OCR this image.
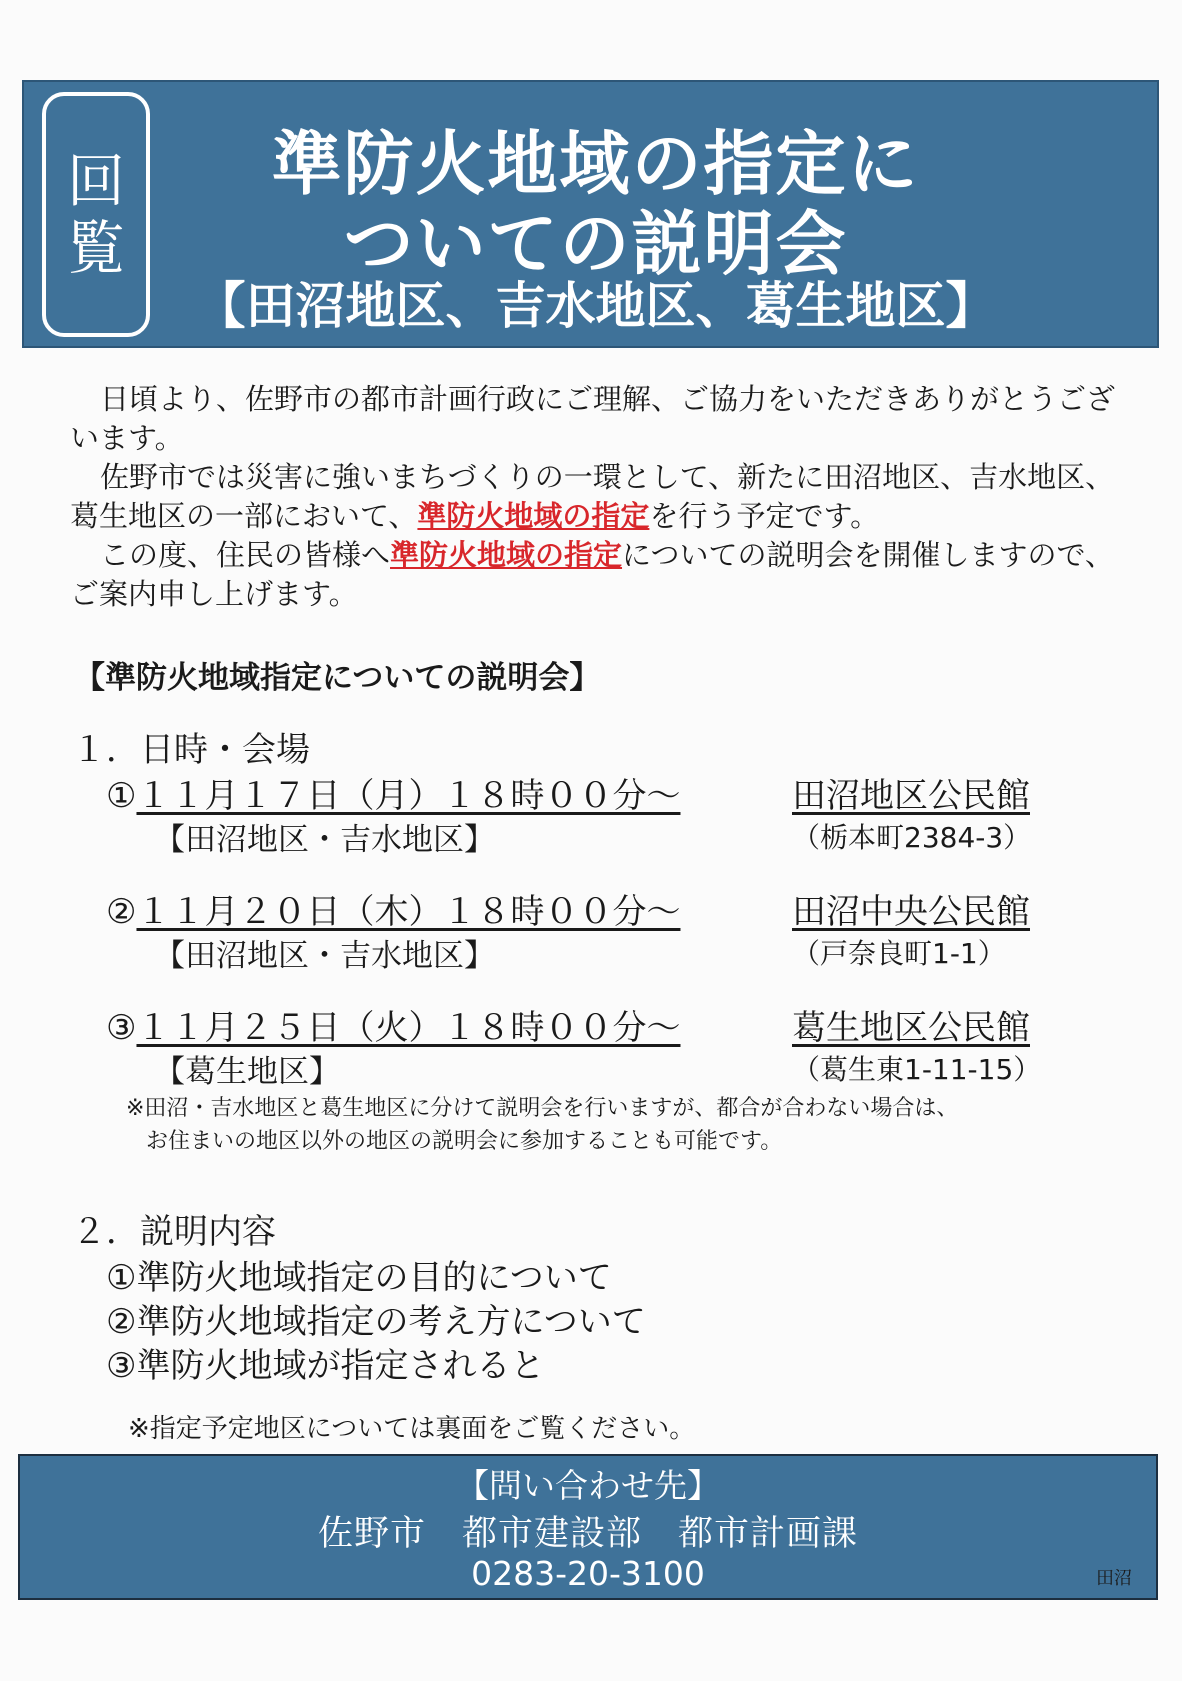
回
覧
準防火地域の指定に
ついての説明会
【田沼地区、吉水地区、葛生地区】

日頃より、佐野市の都市計画行政にご理解、ご協力をいただきありがとうございます。

佐野市では災害に強いまちづくりの一環として、新たに田沼地区、吉水地区、葛生地区の一部において、準防火地域の指定を行う予定です。

この度、住民の皆様へ準防火地域の指定についての説明会を開催しますので、ご案内申し上げます。

【準防火地域指定についての説明会】
１．日時・会場
①１１月１７日（月）１８時００分～	田沼地区公民館
【田沼地区・吉水地区】	（栃本町2384-3）
②１１月２０日（木）１８時００分～	田沼中央公民館
【田沼地区・吉水地区】	（戸奈良町1-1）
③１１月２５日（火）１８時００分～	葛生地区公民館
【葛生地区】	（葛生東1-11-15）
※田沼・吉水地区と葛生地区に分けて説明会を行いますが、都合が合わない場合は、
お住まいの地区以外の地区の説明会に参加することも可能です。
２．説明内容
①準防火地域指定の目的について
②準防火地域指定の考え方について
③準防火地域が指定されると
※指定予定地区については裏面をご覧ください。
【問い合わせ先】
佐野市　都市建設部　都市計画課
0283-20-3100	田沼
